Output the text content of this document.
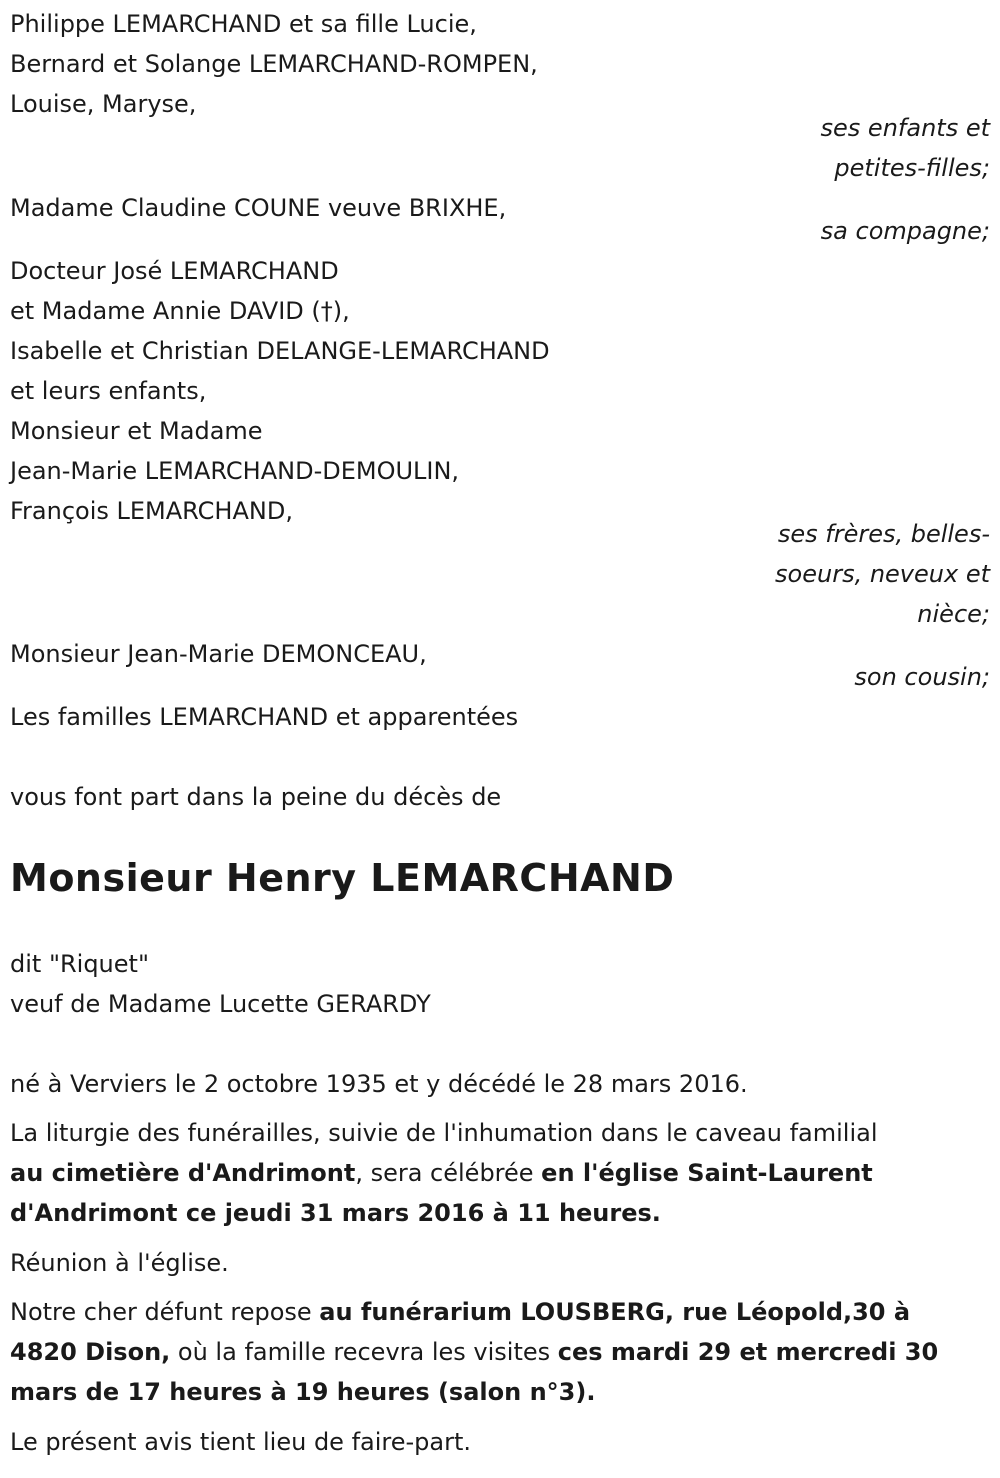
Philippe LEMARCHAND et sa fille Lucie,

Bernard et Solange LEMARCHAND-ROMPEN,

Louise, Maryse,

ses enfants et

petites-filles;

Madame Claudine COUNE veuve BRIXHE,

sa compagne;

Docteur José LEMARCHAND

et Madame Annie DAVID (†),

Isabelle et Christian DELANGE-LEMARCHAND

et leurs enfants,

Monsieur et Madame

Jean-Marie LEMARCHAND-DEMOULIN,

François LEMARCHAND,

ses frères, belles-

soeurs, neveux et

nièce;

Monsieur Jean-Marie DEMONCEAU,

son cousin;

Les familles LEMARCHAND et apparentées

vous font part dans la peine du décès de

Monsieur Henry LEMARCHAND

dit "Riquet"

veuf de Madame Lucette GERARDY

né à Verviers le 2 octobre 1935 et y décédé le 28 mars 2016.

La liturgie des funérailles, suivie de l'inhumation dans le caveau familial

au cimetière d'Andrimont, sera célébrée en l'église Saint-Laurent

d'Andrimont ce jeudi 31 mars 2016 à 11 heures.

Réunion à l'église.

Notre cher défunt repose au funérarium LOUSBERG, rue Léopold,30 à

4820 Dison, où la famille recevra les visites ces mardi 29 et mercredi 30

mars de 17 heures à 19 heures (salon n°3).

Le présent avis tient lieu de faire-part.
